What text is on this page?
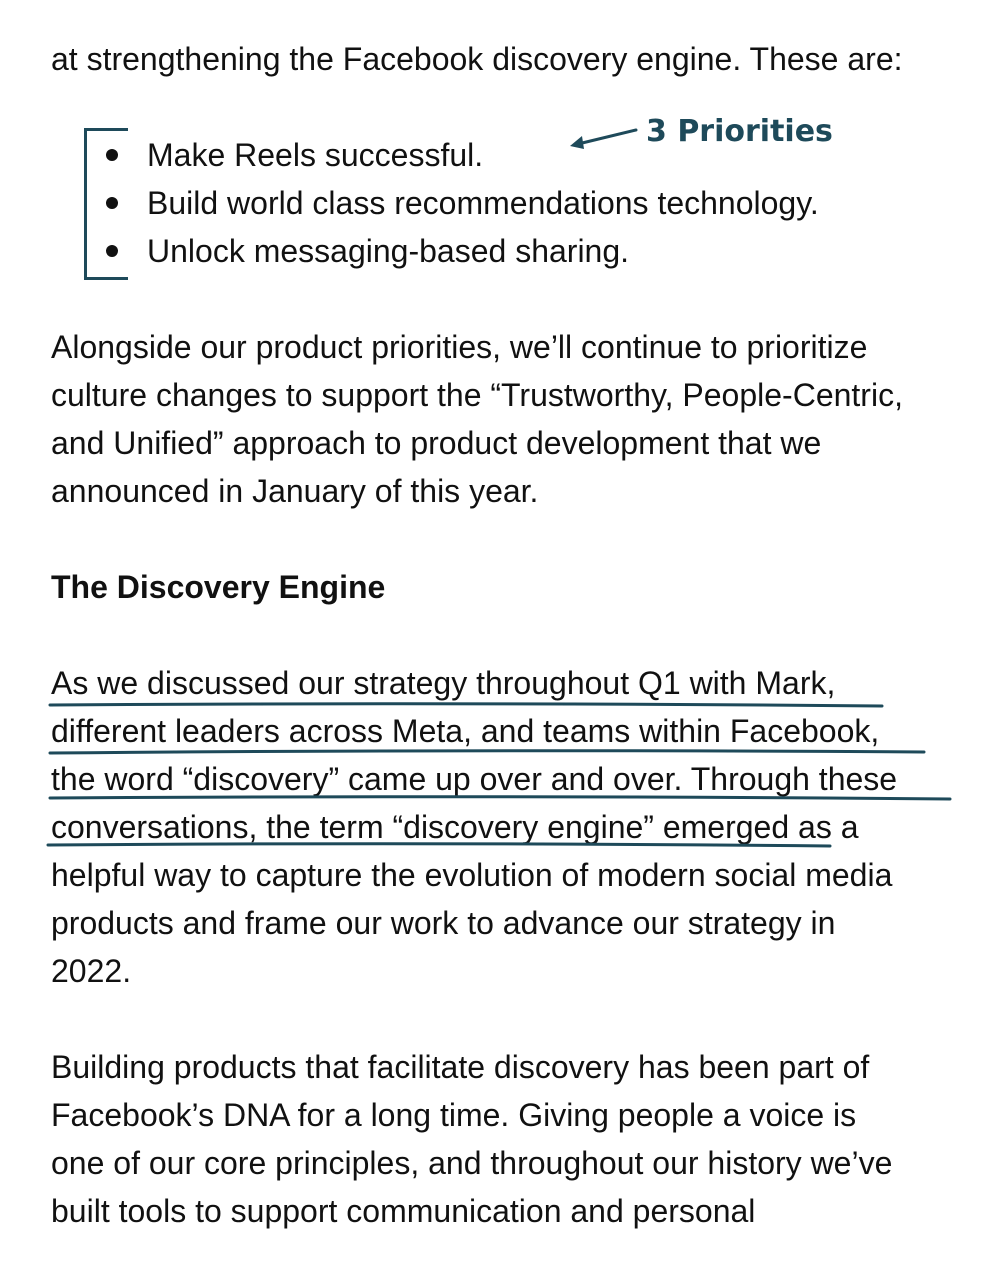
at strengthening the Facebook discovery engine. These are:
Make Reels successful.
Build world class recommendations technology.
Unlock messaging-based sharing.
3 Priorities
Alongside our product priorities, we’ll continue to prioritize
culture changes to support the “Trustworthy, People-Centric,
and Unified” approach to product development that we
announced in January of this year.
The Discovery Engine
As we discussed our strategy throughout Q1 with Mark,
different leaders across Meta, and teams within Facebook,
the word “discovery” came up over and over. Through these
conversations, the term “discovery engine” emerged as a
helpful way to capture the evolution of modern social media
products and frame our work to advance our strategy in
2022.
Building products that facilitate discovery has been part of
Facebook’s DNA for a long time. Giving people a voice is
one of our core principles, and throughout our history we’ve
built tools to support communication and personal
